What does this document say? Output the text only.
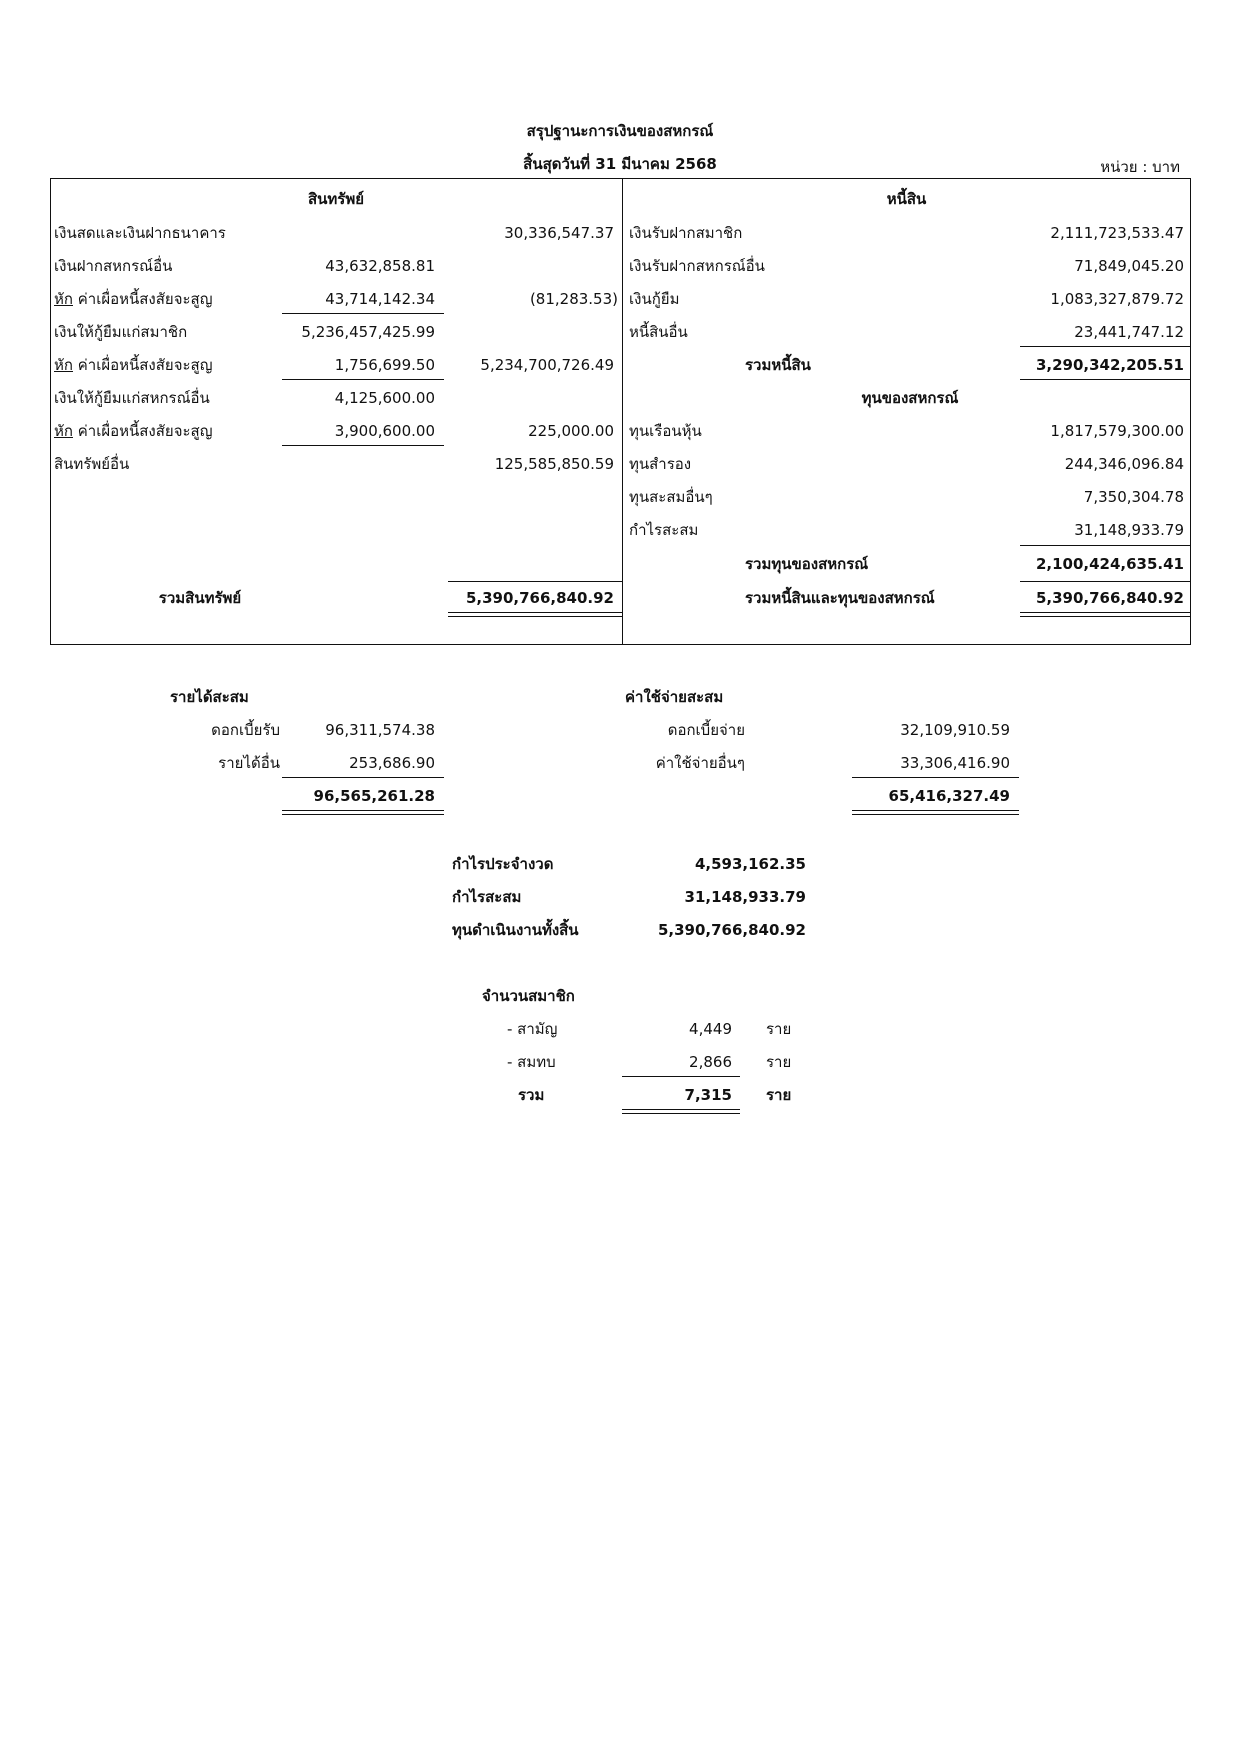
สรุปฐานะการเงินของสหกรณ์
สิ้นสุดวันที่ 31 มีนาคม 2568	หน่วย : บาท
สินทรัพย์
เงินสดและเงินฝากธนาคาร	30,336,547.37
เงินฝากสหกรณ์อื่น	43,632,858.81
หัก ค่าเผื่อหนี้สงสัยจะสูญ	43,714,142.34	(81,283.53)
เงินให้กู้ยืมแก่สมาชิก	5,236,457,425.99
หัก ค่าเผื่อหนี้สงสัยจะสูญ	1,756,699.50	5,234,700,726.49
เงินให้กู้ยืมแก่สหกรณ์อื่น	4,125,600.00
หัก ค่าเผื่อหนี้สงสัยจะสูญ	3,900,600.00	225,000.00
สินทรัพย์อื่น	125,585,850.59
รวมสินทรัพย์	5,390,766,840.92
หนี้สิน
เงินรับฝากสมาชิก	2,111,723,533.47
เงินรับฝากสหกรณ์อื่น	71,849,045.20
เงินกู้ยืม	1,083,327,879.72
หนี้สินอื่น	23,441,747.12
รวมหนี้สิน	3,290,342,205.51
ทุนของสหกรณ์
ทุนเรือนหุ้น	1,817,579,300.00
ทุนสำรอง	244,346,096.84
ทุนสะสมอื่นๆ	7,350,304.78
กำไรสะสม	31,148,933.79
รวมทุนของสหกรณ์	2,100,424,635.41
รวมหนี้สินและทุนของสหกรณ์	5,390,766,840.92
รายได้สะสม
ดอกเบี้ยรับ	96,311,574.38
รายได้อื่น	253,686.90
96,565,261.28
ค่าใช้จ่ายสะสม
ดอกเบี้ยจ่าย	32,109,910.59
ค่าใช้จ่ายอื่นๆ	33,306,416.90
65,416,327.49
กำไรประจำงวด	4,593,162.35
กำไรสะสม	31,148,933.79
ทุนดำเนินงานทั้งสิ้น	5,390,766,840.92
จำนวนสมาชิก
- สามัญ	4,449 ราย
- สมทบ	2,866 ราย
รวม	7,315 ราย
